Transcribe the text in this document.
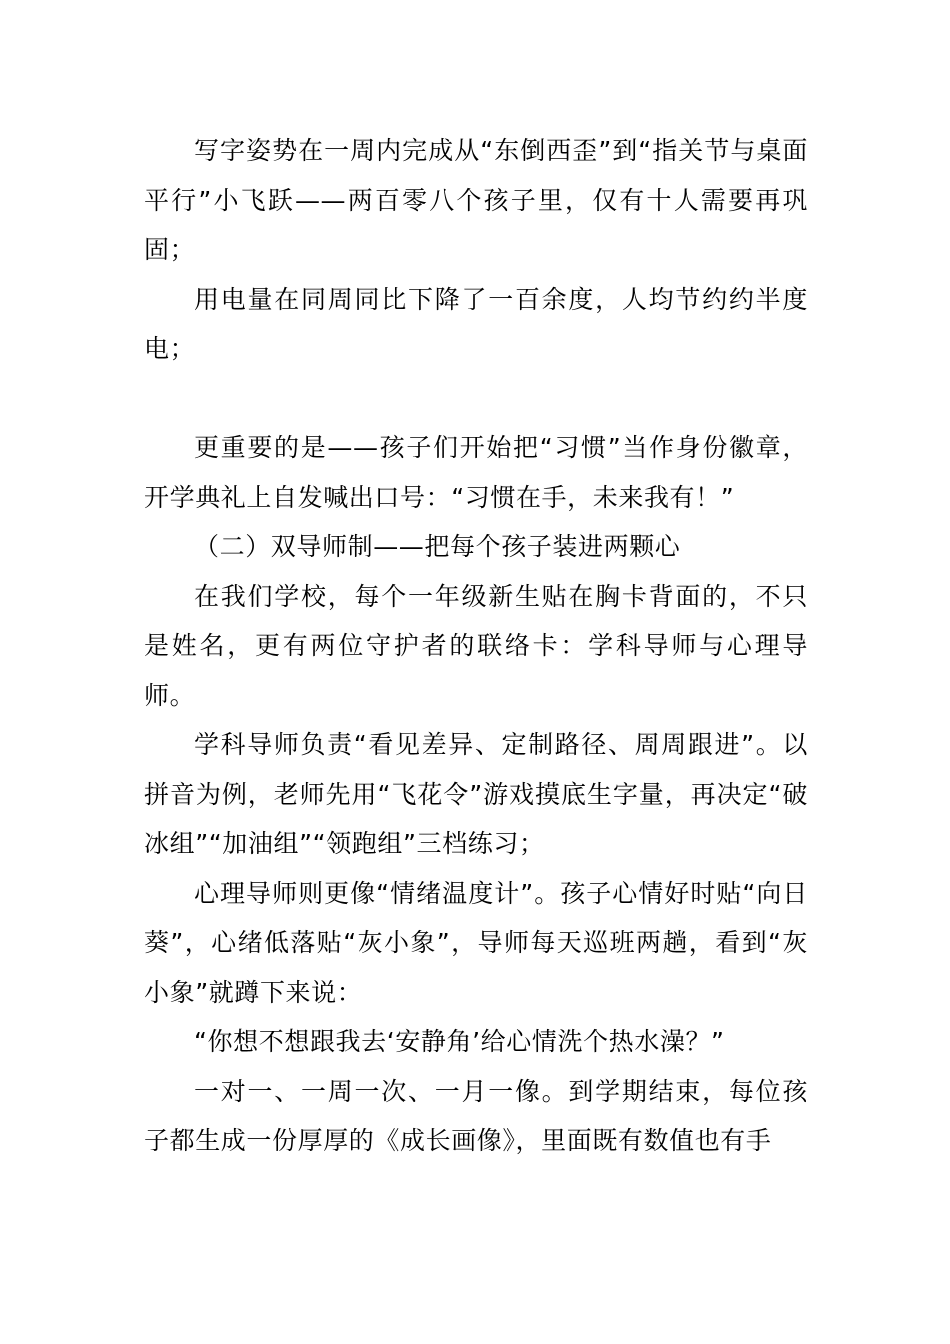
写字姿势在一周内完成从“东倒西歪”到“指关节与桌面平行”小飞跃——两百零八个孩子里，仅有十人需要再巩固；

用电量在同周同比下降了一百余度，人均节约约半度电；

更重要的是——孩子们开始把“习惯”当作身份徽章，开学典礼上自发喊出口号：“习惯在手，未来我有！”

（二）双导师制——把每个孩子装进两颗心

在我们学校，每个一年级新生贴在胸卡背面的，不只是姓名，更有两位守护者的联络卡：学科导师与心理导师。

学科导师负责“看见差异、定制路径、周周跟进”。以拼音为例，老师先用“飞花令”游戏摸底生字量，再决定“破冰组”“加油组”“领跑组”三档练习；

心理导师则更像“情绪温度计”。孩子心情好时贴“向日葵”，心绪低落贴“灰小象”，导师每天巡班两趟，看到“灰小象”就蹲下来说：

“你想不想跟我去‘安静角’给心情洗个热水澡？”

一对一、一周一次、一月一像。到学期结束，每位孩子都生成一份厚厚的《成长画像》，里面既有数值也有手
